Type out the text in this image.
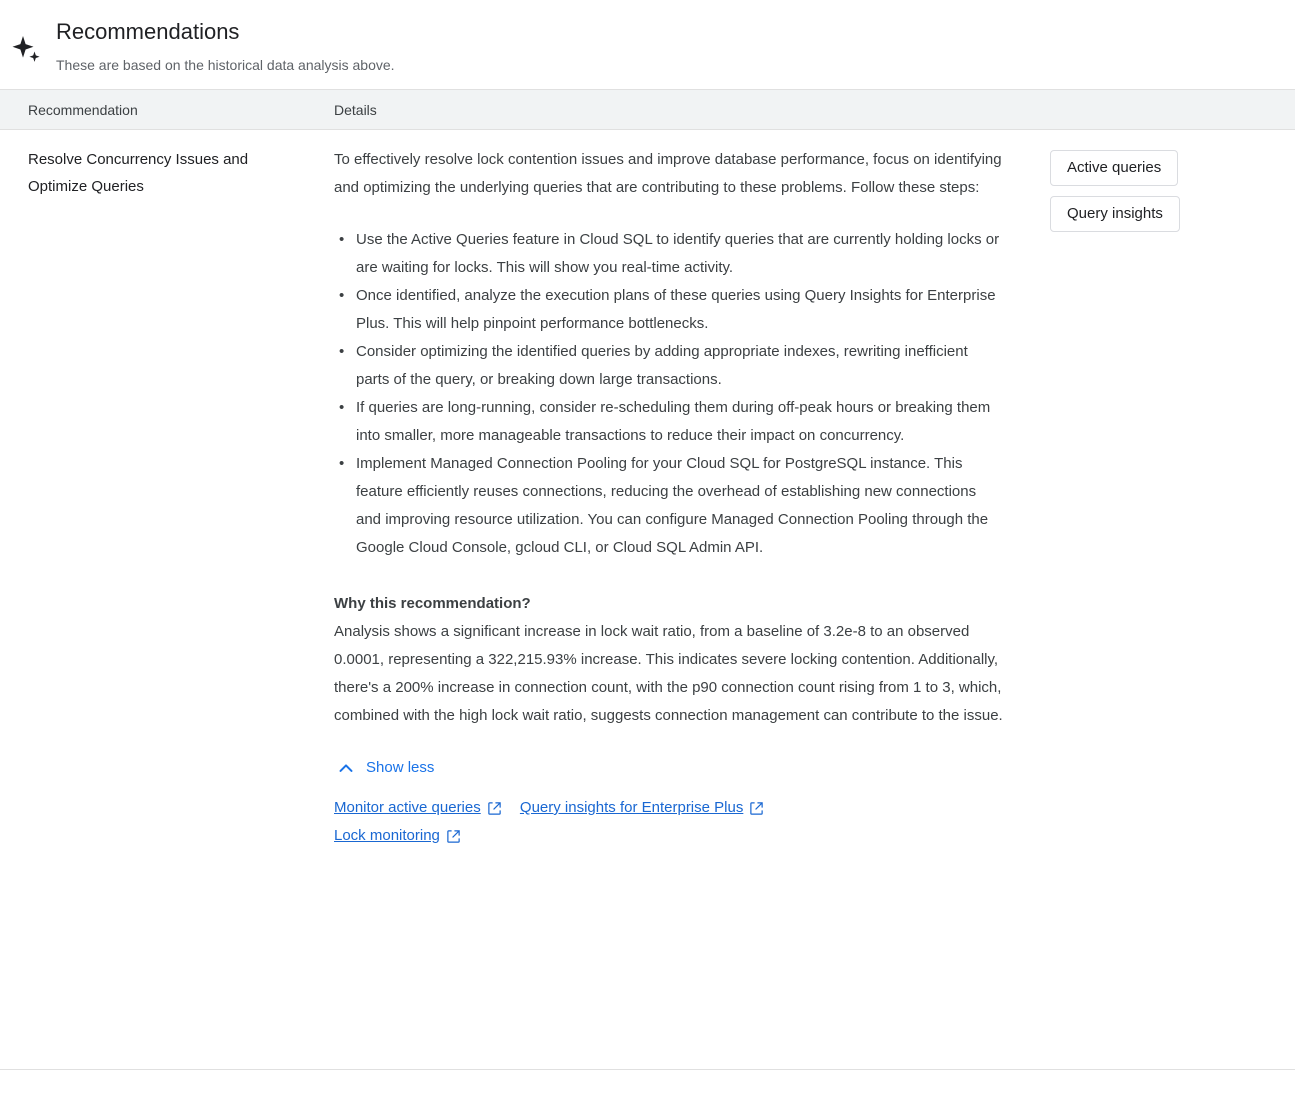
Recommendations
These are based on the historical data analysis above.
Recommendation	Details
Resolve Concurrency Issues and Optimize Queries

To effectively resolve lock contention issues and improve database performance, focus on identifying and optimizing the underlying queries that are contributing to these problems. Follow these steps:

• Use the Active Queries feature in Cloud SQL to identify queries that are currently holding locks or are waiting for locks. This will show you real-time activity.
• Once identified, analyze the execution plans of these queries using Query Insights for Enterprise Plus. This will help pinpoint performance bottlenecks.
• Consider optimizing the identified queries by adding appropriate indexes, rewriting inefficient parts of the query, or breaking down large transactions.
• If queries are long-running, consider re-scheduling them during off-peak hours or breaking them into smaller, more manageable transactions to reduce their impact on concurrency.
• Implement Managed Connection Pooling for your Cloud SQL for PostgreSQL instance. This feature efficiently reuses connections, reducing the overhead of establishing new connections and improving resource utilization. You can configure Managed Connection Pooling through the Google Cloud Console, gcloud CLI, or Cloud SQL Admin API.
Why this recommendation?

Analysis shows a significant increase in lock wait ratio, from a baseline of 3.2e-8 to an observed 0.0001, representing a 322,215.93% increase. This indicates severe locking contention. Additionally, there's a 200% increase in connection count, with the p90 connection count rising from 1 to 3, which, combined with the high lock wait ratio, suggests connection management can contribute to the issue.

Show less
Monitor active queries
	Query insights for Enterprise Plus

Lock monitoring
Active queries
Query insights
